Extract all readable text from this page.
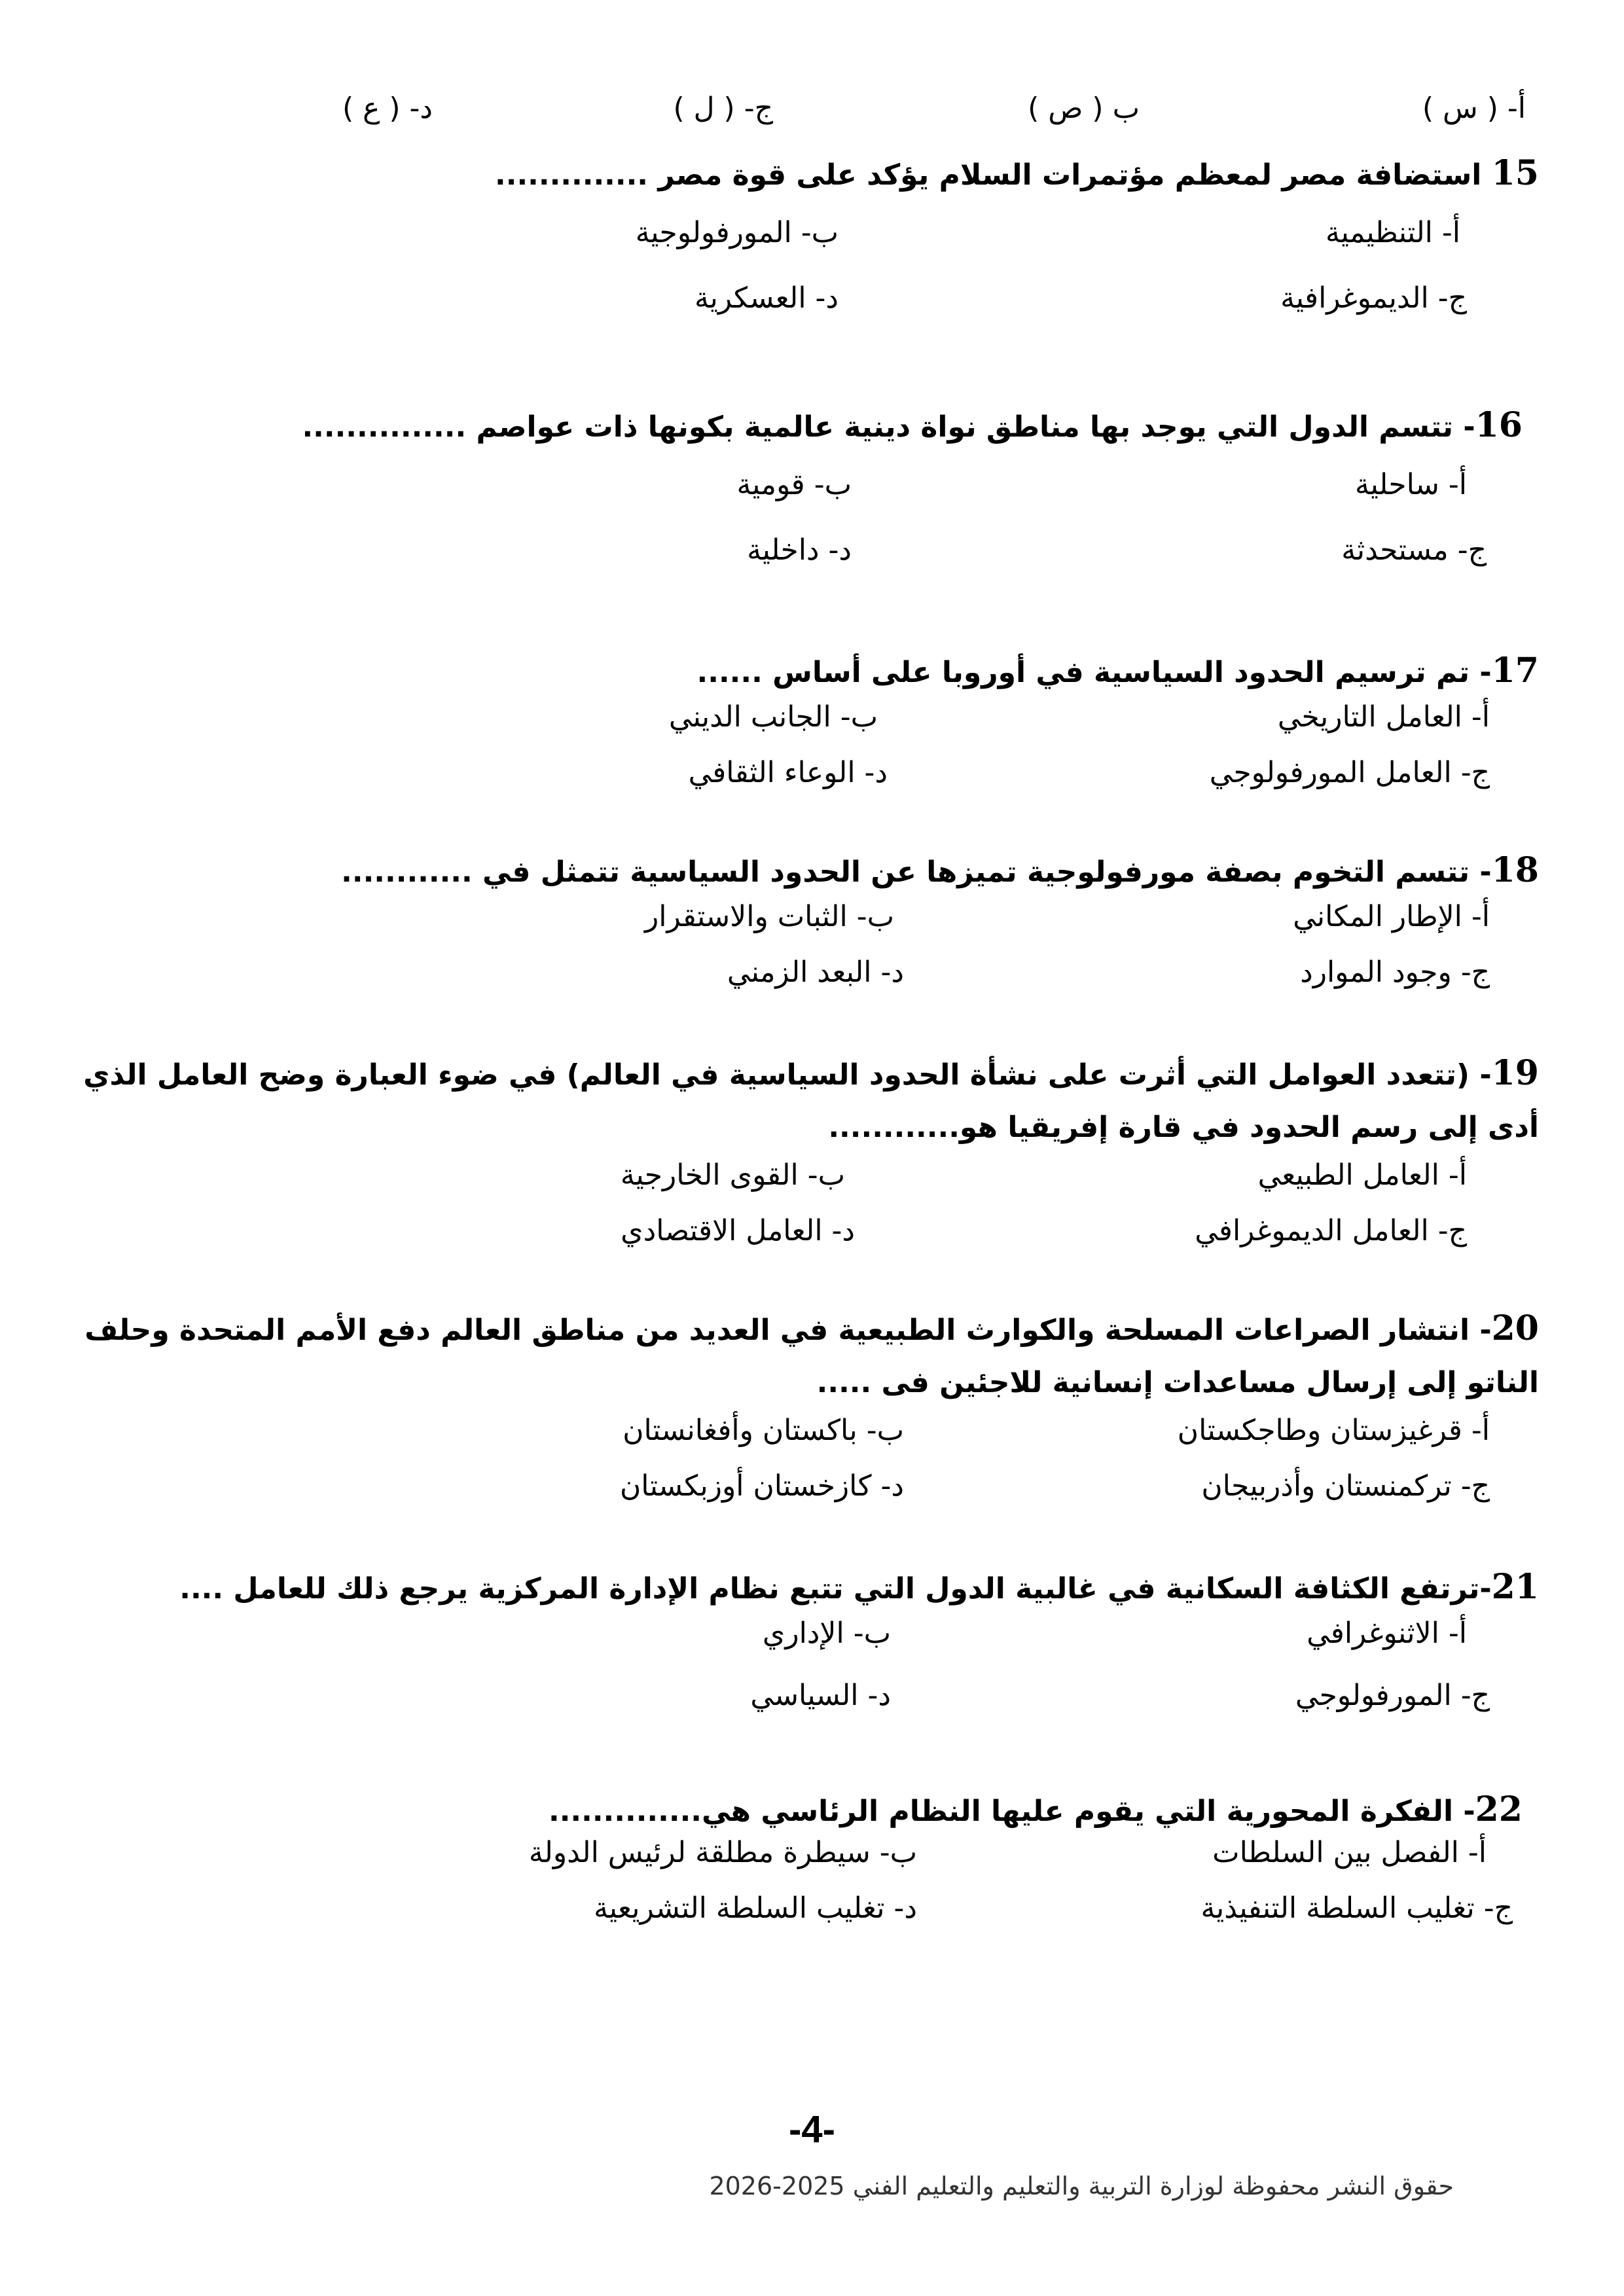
أ- ( س )
ب ( ص )
ج- ( ل )
د- ( ع )
15 استضافة مصر لمعظم مؤتمرات السلام يؤكد على قوة مصر ..............
أ- التنظيمية
ب- المورفولوجية
ج- الديموغرافية
د- العسكرية
16- تتسم الدول التي يوجد بها مناطق نواة دينية عالمية بكونها ذات عواصم ...............
أ- ساحلية
ب- قومية
ج- مستحدثة
د- داخلية
17- تم ترسيم الحدود السياسية في أوروبا على أساس ......
أ- العامل التاريخي
ب- الجانب الديني
ج- العامل المورفولوجي
د- الوعاء الثقافي
18- تتسم التخوم بصفة مورفولوجية تميزها عن الحدود السياسية تتمثل في ............
أ- الإطار المكاني
ب- الثبات والاستقرار
ج- وجود الموارد
د- البعد الزمني
19- (تتعدد العوامل التي أثرت على نشأة الحدود السياسية في العالم) في ضوء العبارة وضح العامل الذي أدى إلى رسم الحدود في قارة إفريقيا هو............
أ- العامل الطبيعي
ب- القوى الخارجية
ج- العامل الديموغرافي
د- العامل الاقتصادي
20- انتشار الصراعات المسلحة والكوارث الطبيعية في العديد من مناطق العالم دفع الأمم المتحدة وحلف الناتو إلى إرسال مساعدات إنسانية للاجئين فى .....
أ- قرغيزستان وطاجكستان
ب- باكستان وأفغانستان
ج- تركمنستان وأذربيجان
د- كازخستان أوزبكستان
21-ترتفع الكثافة السكانية في غالبية الدول التي تتبع نظام الإدارة المركزية يرجع ذلك للعامل ....
أ- الاثنوغرافي
ب- الإداري
ج- المورفولوجي
د- السياسي
22- الفكرة المحورية التي يقوم عليها النظام الرئاسي هي..............
أ- الفصل بين السلطات
ب- سيطرة مطلقة لرئيس الدولة
ج- تغليب السلطة التنفيذية
د- تغليب السلطة التشريعية
-4-
حقوق النشر محفوظة لوزارة التربية والتعليم والتعليم الفني 2025-2026
